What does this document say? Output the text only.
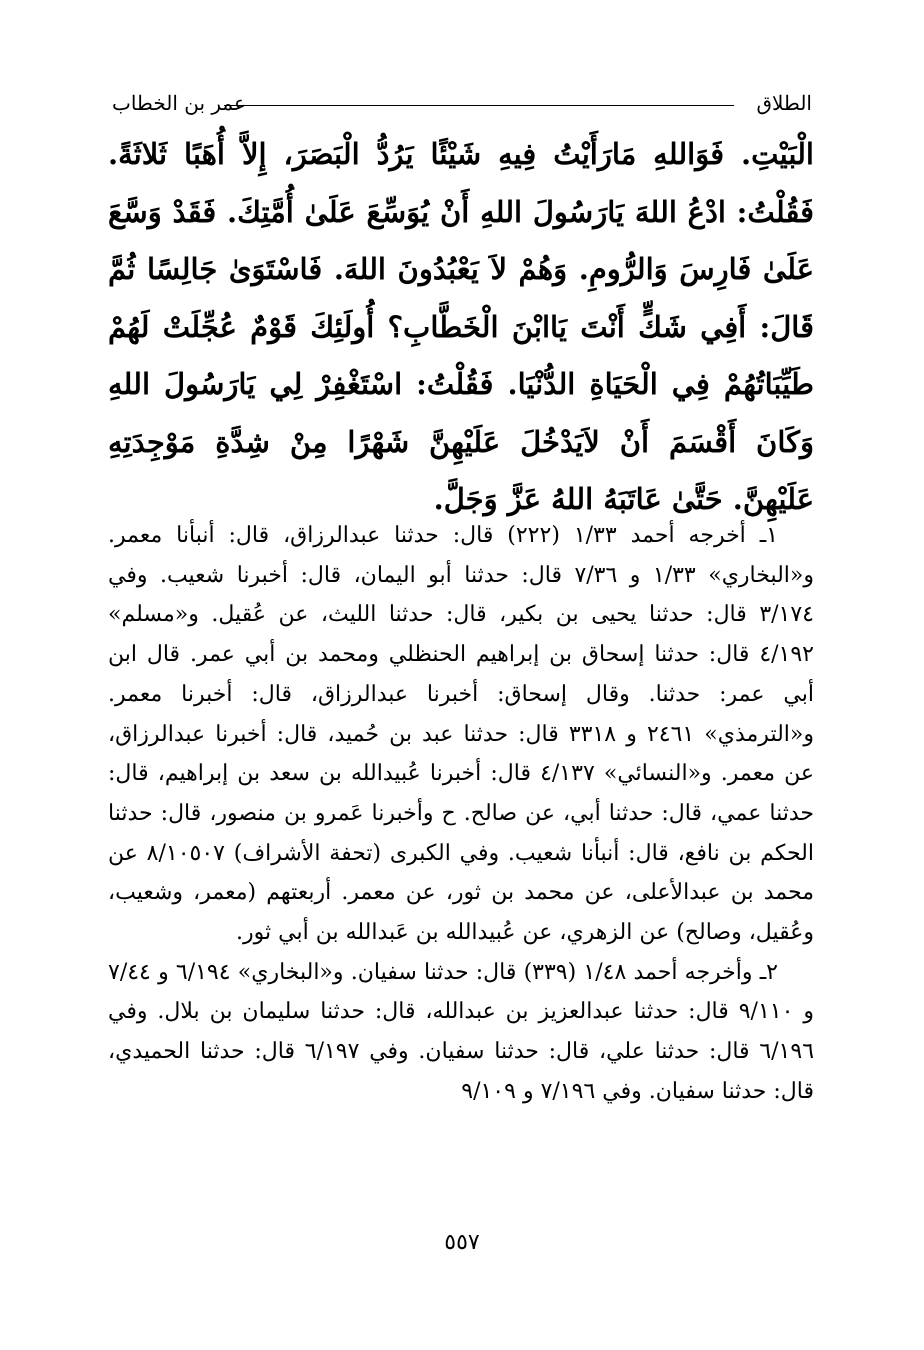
الطلاق
عمر بن الخطاب

الْبَيْتِ. فَوَاللهِ مَارَأَيْتُ فِيهِ شَيْئًا يَرُدُّ الْبَصَرَ، إِلاَّ أُهَبًا ثَلاثَةً. فَقُلْتُ: ادْعُ اللهَ يَارَسُولَ اللهِ أَنْ يُوَسِّعَ عَلَىٰ أُمَّتِكَ. فَقَدْ وَسَّعَ عَلَىٰ فَارِسَ وَالرُّومِ. وَهُمْ لاَ يَعْبُدُونَ اللهَ. فَاسْتَوَىٰ جَالِسًا ثُمَّ قَالَ: أَفِي شَكٍّ أَنْتَ يَاابْنَ الْخَطَّابِ؟ أُولَئِكَ قَوْمٌ عُجِّلَتْ لَهُمْ طَيِّبَاتُهُمْ فِي الْحَيَاةِ الدُّنْيَا. فَقُلْتُ: اسْتَغْفِرْ لِي يَارَسُولَ اللهِ وَكَانَ أَقْسَمَ أَنْ لاَيَدْخُلَ عَلَيْهِنَّ شَهْرًا مِنْ شِدَّةِ مَوْجِدَتِهِ عَلَيْهِنَّ. حَتَّىٰ عَاتَبَهُ اللهُ عَزَّ وَجَلَّ.

١ـ أخرجه أحمد ١/٣٣ (٢٢٢) قال: حدثنا عبدالرزاق، قال: أنبأنا معمر. و«البخاري» ١/٣٣ و ٧/٣٦ قال: حدثنا أبو اليمان، قال: أخبرنا شعيب. وفي ٣/١٧٤ قال: حدثنا يحيى بن بكير، قال: حدثنا الليث، عن عُقيل. و«مسلم» ٤/١٩٢ قال: حدثنا إسحاق بن إبراهيم الحنظلي ومحمد بن أبي عمر. قال ابن أبي عمر: حدثنا. وقال إسحاق: أخبرنا عبدالرزاق، قال: أخبرنا معمر. و«الترمذي» ٢٤٦١ و ٣٣١٨ قال: حدثنا عبد بن حُميد، قال: أخبرنا عبدالرزاق، عن معمر. و«النسائي» ٤/١٣٧ قال: أخبرنا عُبيدالله بن سعد بن إبراهيم، قال: حدثنا عمي، قال: حدثنا أبي، عن صالح. ح وأخبرنا عَمرو بن منصور، قال: حدثنا الحكم بن نافع، قال: أنبأنا شعيب. وفي الكبرى (تحفة الأشراف) ٨/١٠٥٠٧ عن محمد بن عبدالأعلى، عن محمد بن ثور، عن معمر. أربعتهم (معمر، وشعيب، وعُقيل، وصالح) عن الزهري، عن عُبيدالله بن عَبدالله بن أبي ثور.

٢ـ وأخرجه أحمد ١/٤٨ (٣٣٩) قال: حدثنا سفيان. و«البخاري» ٦/١٩٤ و ٧/٤٤ و ٩/١١٠ قال: حدثنا عبدالعزيز بن عبدالله، قال: حدثنا سليمان بن بلال. وفي ٦/١٩٦ قال: حدثنا علي، قال: حدثنا سفيان. وفي ٦/١٩٧ قال: حدثنا الحميدي، قال: حدثنا سفيان. وفي ٧/١٩٦ و ٩/١٠٩

٥٥٧
